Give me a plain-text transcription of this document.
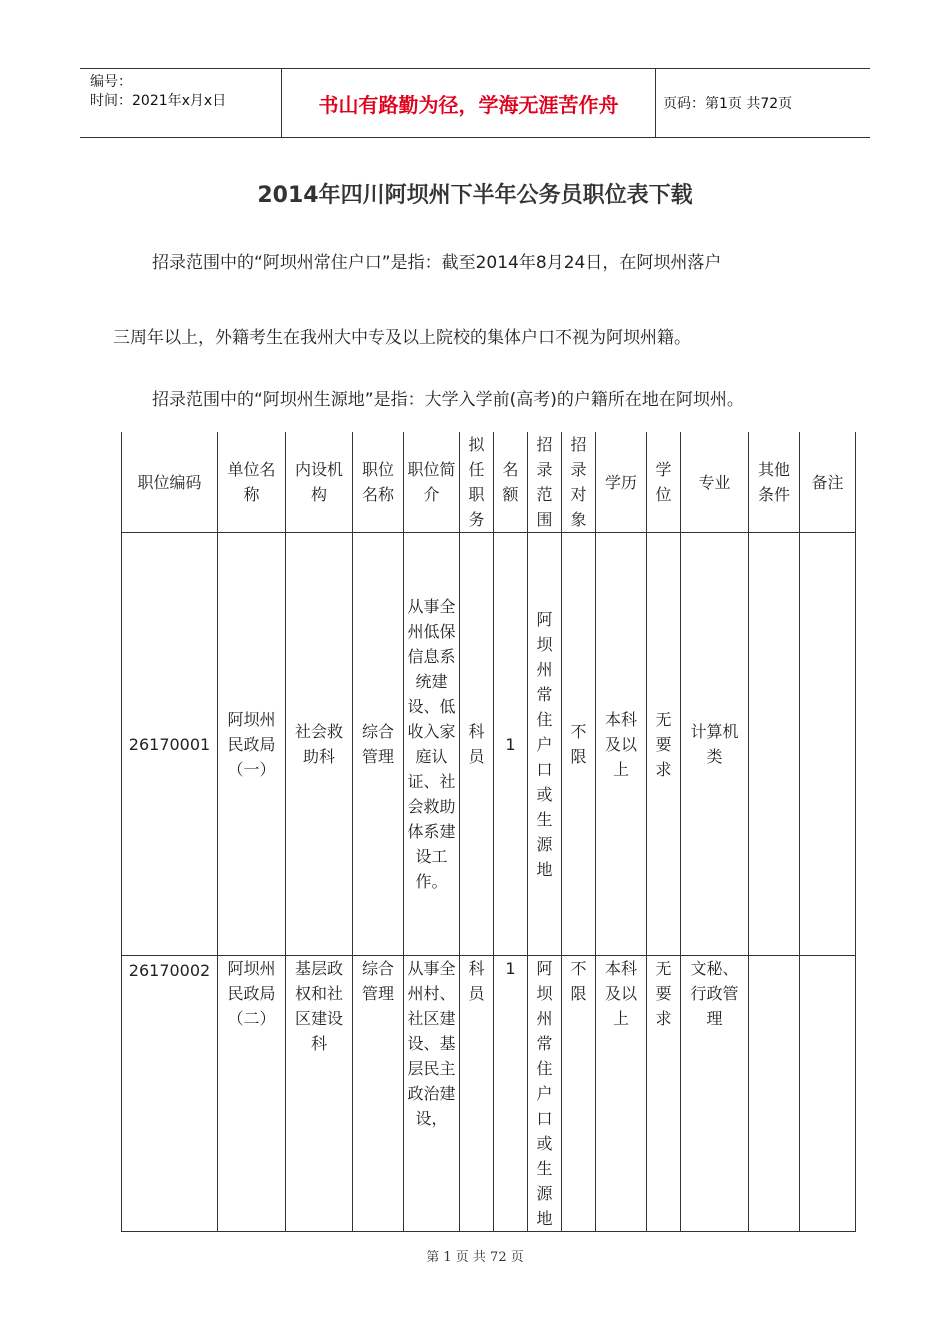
编号：
时间：2021年x月x日	书山有路勤为径，学海无涯苦作舟	页码：第1页 共72页
2014年四川阿坝州下半年公务员职位表下载
招录范围中的“阿坝州常住户口”是指：截至2014年8月24日，在阿坝州落户
三周年以上，外籍考生在我州大中专及以上院校的集体户口不视为阿坝州籍。
招录范围中的“阿坝州生源地”是指：大学入学前(高考)的户籍所在地在阿坝州。
职位编码	单位名称	内设机构	职位名称	职位简介	拟任职务	名额	招录范围	招录对象	学历	学位	专业	其他条件	备注
26170001	阿坝州民政局（一）	社会救助科	综合管理	从事全州低保信息系统建设、低收入家庭认证、社会救助体系建设工作。	科员	1	阿坝州常住户口或生源地	不限	本科及以上	无要求	计算机类		
26170002	阿坝州民政局（二）	基层政权和社区建设科	综合管理	从事全州村、社区建设、基层民主政治建设，	科员	1	阿坝州常住户口或生源地	不限	本科及以上	无要求	文秘、行政管理		
第 1 页 共 72 页
